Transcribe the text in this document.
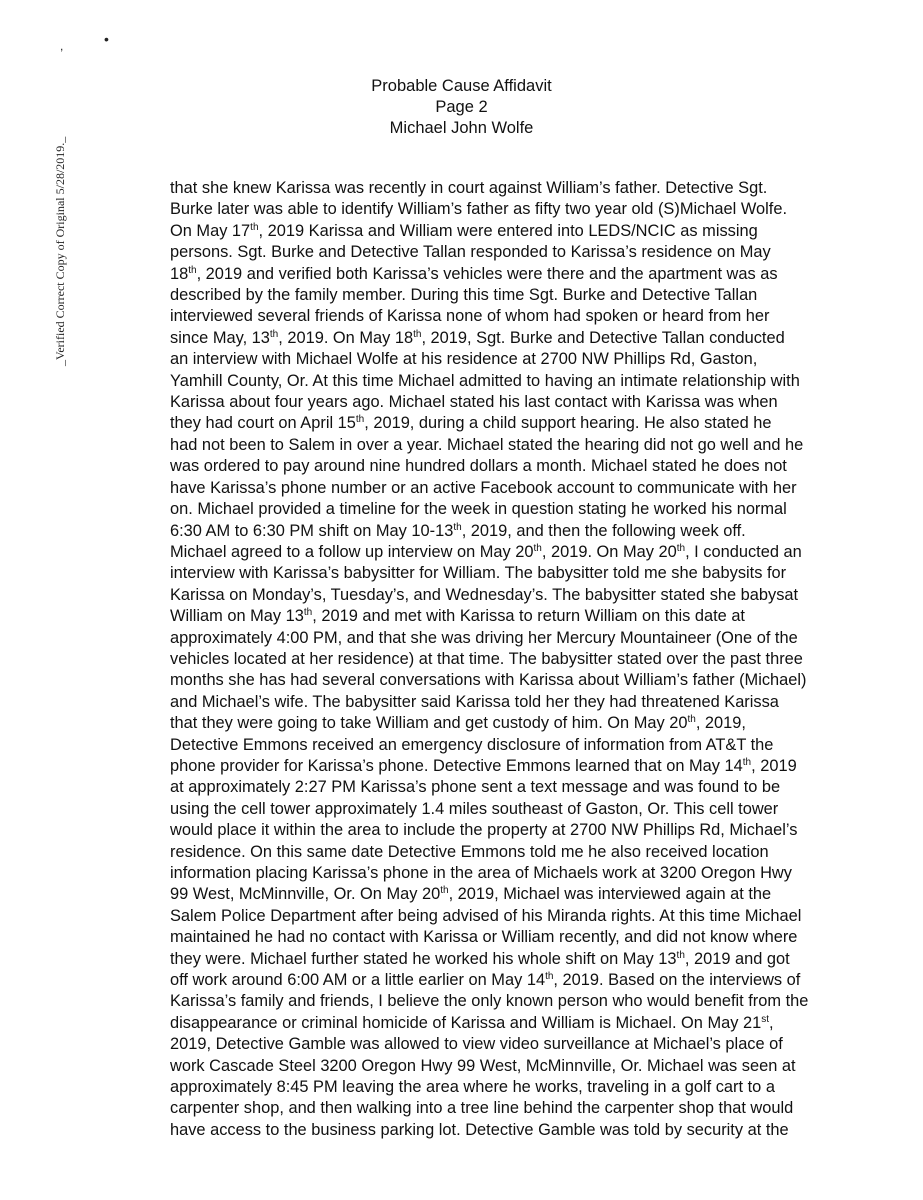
,	•
_Verified Correct Copy of Original 5/28/2019._
Probable Cause Affidavit
Page 2
Michael John Wolfe
that she knew Karissa was recently in court against William’s father. Detective Sgt.
Burke later was able to identify William’s father as fifty two year old (S)Michael Wolfe.
On May 17th, 2019 Karissa and William were entered into LEDS/NCIC as missing
persons. Sgt. Burke and Detective Tallan responded to Karissa’s residence on May
18th, 2019 and verified both Karissa’s vehicles were there and the apartment was as
described by the family member. During this time Sgt. Burke and Detective Tallan
interviewed several friends of Karissa none of whom had spoken or heard from her
since May, 13th, 2019. On May 18th, 2019, Sgt. Burke and Detective Tallan conducted
an interview with Michael Wolfe at his residence at 2700 NW Phillips Rd, Gaston,
Yamhill County, Or. At this time Michael admitted to having an intimate relationship with
Karissa about four years ago. Michael stated his last contact with Karissa was when
they had court on April 15th, 2019, during a child support hearing. He also stated he
had not been to Salem in over a year. Michael stated the hearing did not go well and he
was ordered to pay around nine hundred dollars a month. Michael stated he does not
have Karissa’s phone number or an active Facebook account to communicate with her
on. Michael provided a timeline for the week in question stating he worked his normal
6:30 AM to 6:30 PM shift on May 10-13th, 2019, and then the following week off.
Michael agreed to a follow up interview on May 20th, 2019. On May 20th, I conducted an
interview with Karissa’s babysitter for William. The babysitter told me she babysits for
Karissa on Monday’s, Tuesday’s, and Wednesday’s. The babysitter stated she babysat
William on May 13th, 2019 and met with Karissa to return William on this date at
approximately 4:00 PM, and that she was driving her Mercury Mountaineer (One of the
vehicles located at her residence) at that time. The babysitter stated over the past three
months she has had several conversations with Karissa about William’s father (Michael)
and Michael’s wife. The babysitter said Karissa told her they had threatened Karissa
that they were going to take William and get custody of him. On May 20th, 2019,
Detective Emmons received an emergency disclosure of information from AT&T the
phone provider for Karissa’s phone. Detective Emmons learned that on May 14th, 2019
at approximately 2:27 PM Karissa’s phone sent a text message and was found to be
using the cell tower approximately 1.4 miles southeast of Gaston, Or. This cell tower
would place it within the area to include the property at 2700 NW Phillips Rd, Michael’s
residence. On this same date Detective Emmons told me he also received location
information placing Karissa’s phone in the area of Michaels work at 3200 Oregon Hwy
99 West, McMinnville, Or. On May 20th, 2019, Michael was interviewed again at the
Salem Police Department after being advised of his Miranda rights. At this time Michael
maintained he had no contact with Karissa or William recently, and did not know where
they were. Michael further stated he worked his whole shift on May 13th, 2019 and got
off work around 6:00 AM or a little earlier on May 14th, 2019. Based on the interviews of
Karissa’s family and friends, I believe the only known person who would benefit from the
disappearance or criminal homicide of Karissa and William is Michael. On May 21st,
2019, Detective Gamble was allowed to view video surveillance at Michael’s place of
work Cascade Steel 3200 Oregon Hwy 99 West, McMinnville, Or. Michael was seen at
approximately 8:45 PM leaving the area where he works, traveling in a golf cart to a
carpenter shop, and then walking into a tree line behind the carpenter shop that would
have access to the business parking lot. Detective Gamble was told by security at the
